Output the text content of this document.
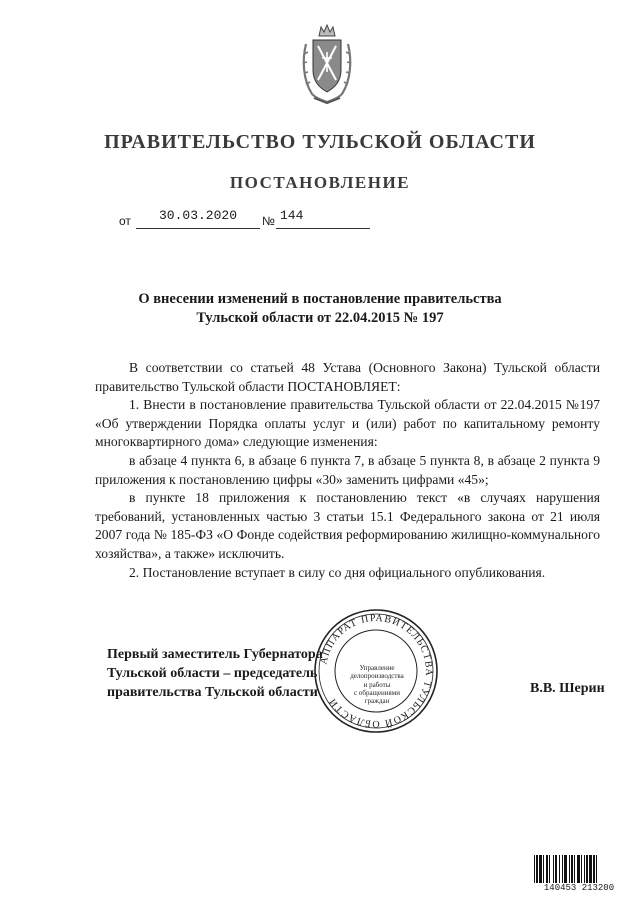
ПРАВИТЕЛЬСТВО ТУЛЬСКОЙ ОБЛАСТИ
ПОСТАНОВЛЕНИЕ
от 30.03.2020 № 144
О внесении изменений в постановление правительства
Тульской области от 22.04.2015 № 197

В соответствии со статьей 48 Устава (Основного Закона) Тульской области правительство Тульской области ПОСТАНОВЛЯЕТ:

1. Внести в постановление правительства Тульской области от 22.04.2015 №197 «Об утверждении Порядка оплаты услуг и (или) работ по капитальному ремонту многоквартирного дома» следующие изменения:

в абзаце 4 пункта 6, в абзаце 6 пункта 7, в абзаце 5 пункта 8, в абзаце 2 пункта 9 приложения к постановлению цифры «30» заменить цифрами «45»;

в пункте 18 приложения к постановлению текст «в случаях нарушения требований, установленных частью 3 статьи 15.1 Федерального закона от 21 июля 2007 года № 185-ФЗ «О Фонде содействия реформированию жилищно-коммунального хозяйства», а также» исключить.

2. Постановление вступает в силу со дня официального опубликования.

Первый заместитель Губернатора
Тульской области – председатель
правительства Тульской области
АППАРАТ ПРАВИТЕЛЬСТВА ТУЛЬСКОЙ ОБЛАСТИ
Управление
делопроизводства
и работы
с обращениями
граждан
В.В. Шерин
140453 213200
